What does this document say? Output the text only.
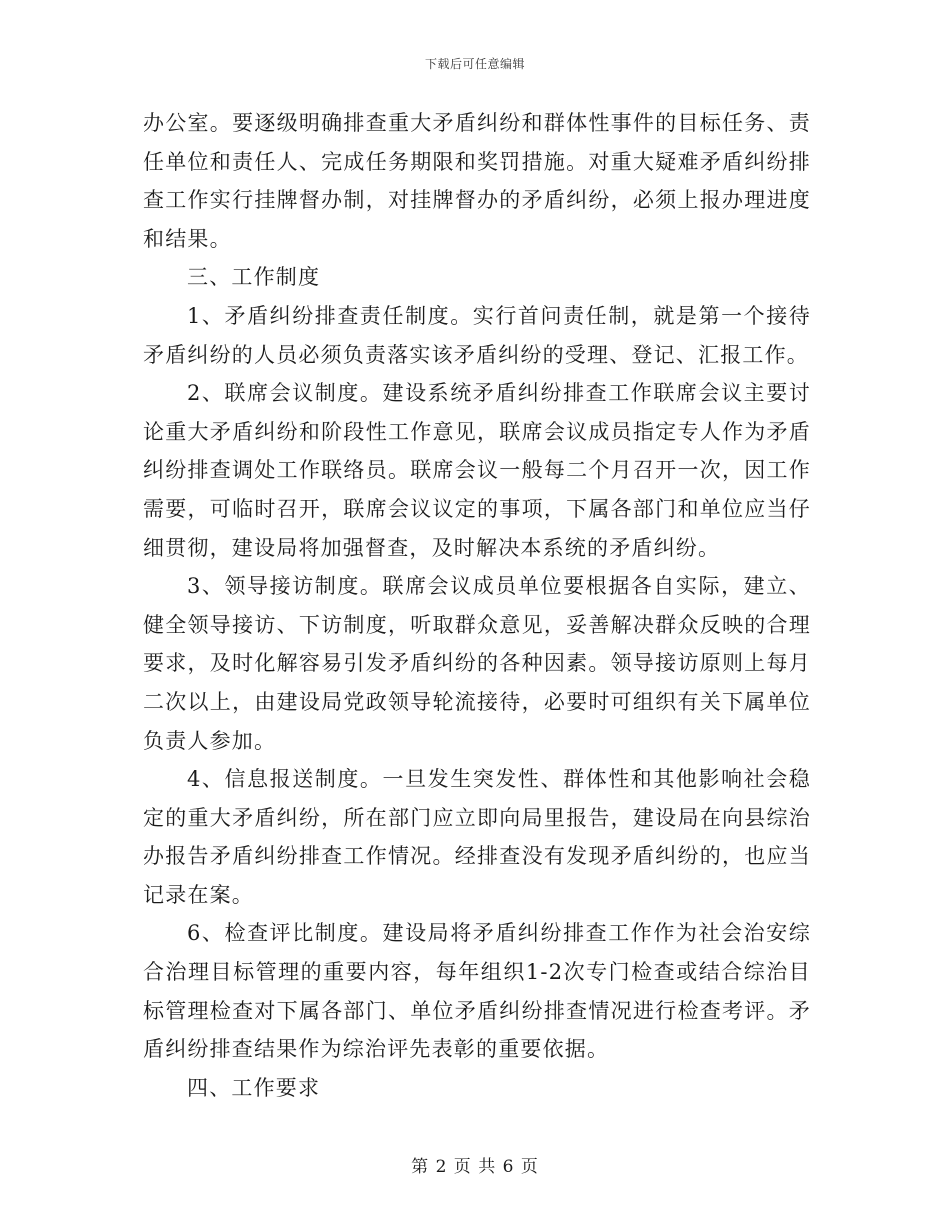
下载后可任意编辑

办公室。要逐级明确排查重大矛盾纠纷和群体性事件的目标任务、责任单位和责任人、完成任务期限和奖罚措施。对重大疑难矛盾纠纷排查工作实行挂牌督办制，对挂牌督办的矛盾纠纷，必须上报办理进度和结果。

三、工作制度

1、矛盾纠纷排查责任制度。实行首问责任制，就是第一个接待矛盾纠纷的人员必须负责落实该矛盾纠纷的受理、登记、汇报工作。

2、联席会议制度。建设系统矛盾纠纷排查工作联席会议主要讨论重大矛盾纠纷和阶段性工作意见，联席会议成员指定专人作为矛盾纠纷排查调处工作联络员。联席会议一般每二个月召开一次，因工作需要，可临时召开，联席会议议定的事项，下属各部门和单位应当仔细贯彻，建设局将加强督查，及时解决本系统的矛盾纠纷。

3、领导接访制度。联席会议成员单位要根据各自实际，建立、健全领导接访、下访制度，听取群众意见，妥善解决群众反映的合理要求，及时化解容易引发矛盾纠纷的各种因素。领导接访原则上每月二次以上，由建设局党政领导轮流接待，必要时可组织有关下属单位负责人参加。

4、信息报送制度。一旦发生突发性、群体性和其他影响社会稳定的重大矛盾纠纷，所在部门应立即向局里报告，建设局在向县综治办报告矛盾纠纷排查工作情况。经排查没有发现矛盾纠纷的，也应当记录在案。

6、检查评比制度。建设局将矛盾纠纷排查工作作为社会治安综合治理目标管理的重要内容，每年组织1-2次专门检查或结合综治目标管理检查对下属各部门、单位矛盾纠纷排查情况进行检查考评。矛盾纠纷排查结果作为综治评先表彰的重要依据。

四、工作要求

第 2 页 共 6 页
